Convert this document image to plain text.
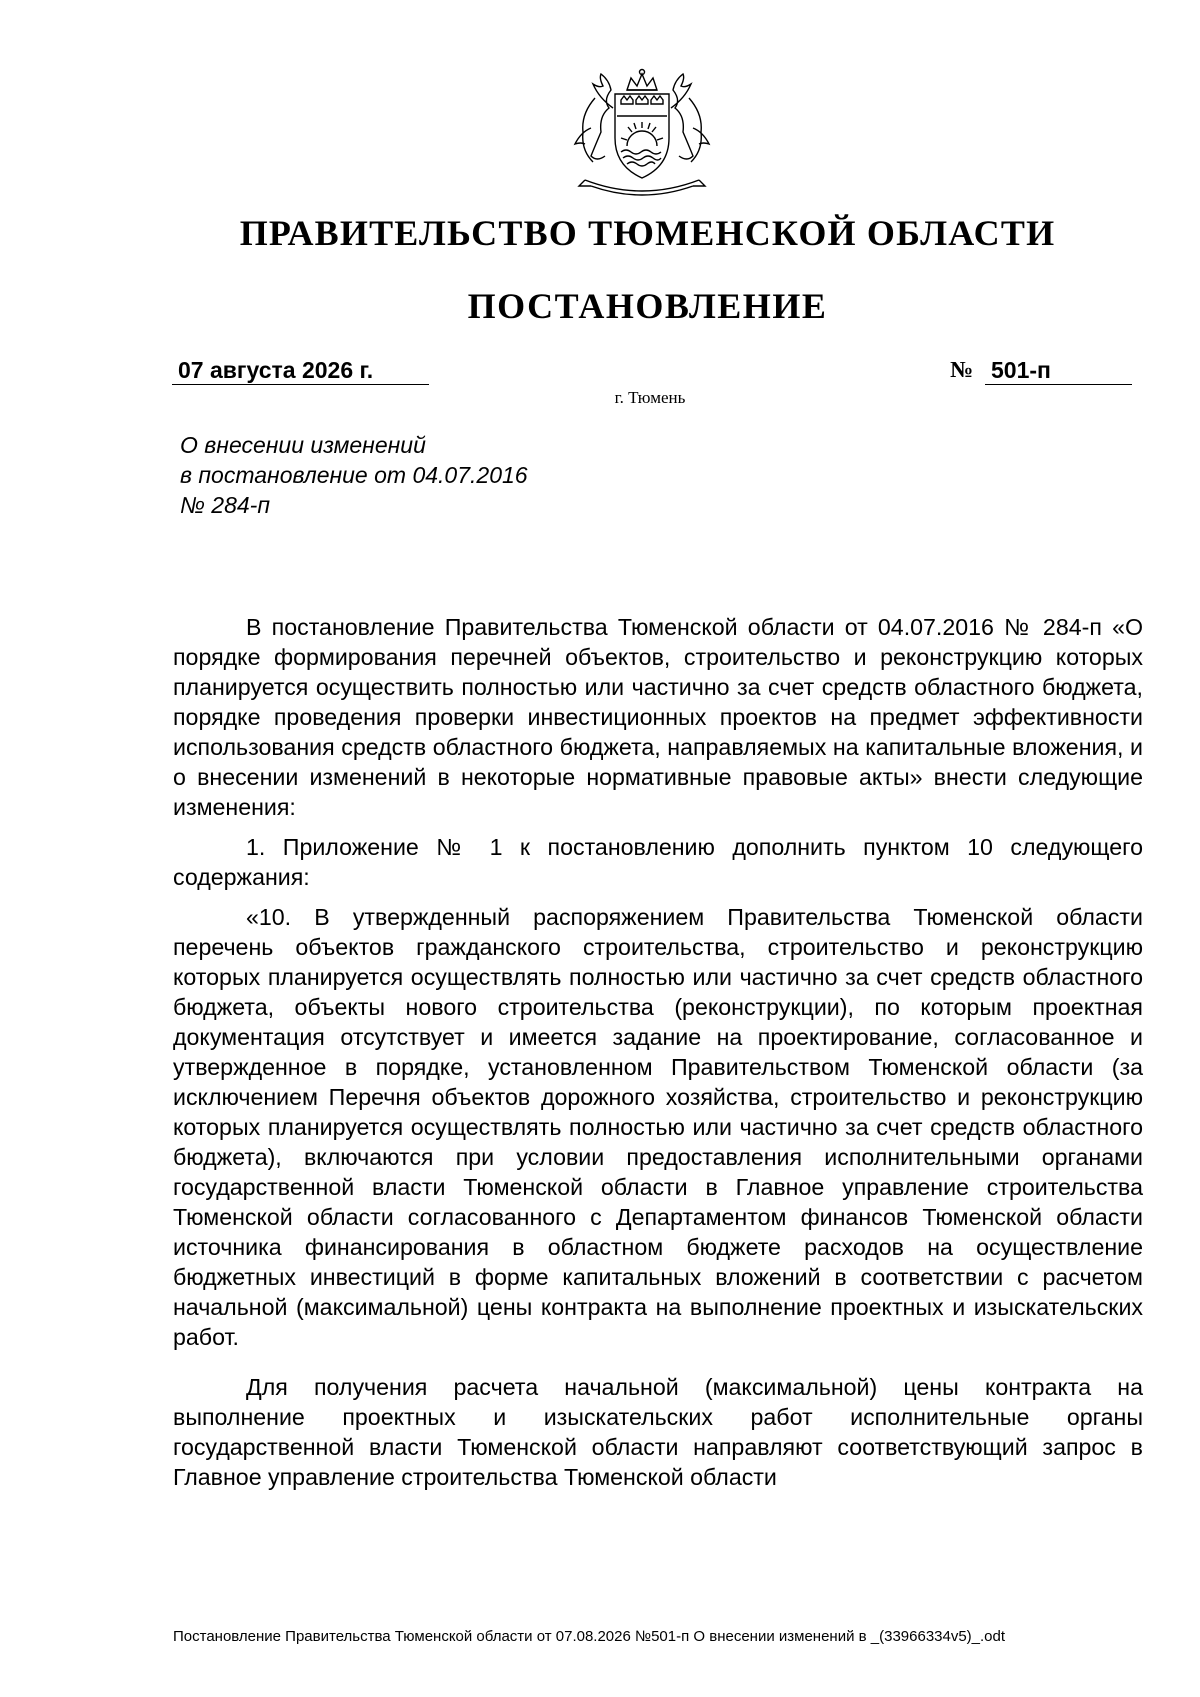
ПРАВИТЕЛЬСТВО ТЮМЕНСКОЙ ОБЛАСТИ
ПОСТАНОВЛЕНИЕ
07 августа 2026 г.	№ 501-п
г. Тюмень
О внесении изменений
в постановление от 04.07.2016
№ 284-п

В постановление Правительства Тюменской области от 04.07.2016 № 284-п «О порядке формирования перечней объектов, строительство и реконструкцию которых планируется осуществить полностью или частично за счет средств областного бюджета, порядке проведения проверки инвестиционных проектов на предмет эффективности использования средств областного бюджета, направляемых на капитальные вложения, и о внесении изменений в некоторые нормативные правовые акты» внести следующие изменения:

1. Приложение № 1 к постановлению дополнить пунктом 10 следующего содержания:

«10. В утвержденный распоряжением Правительства Тюменской области перечень объектов гражданского строительства, строительство и реконструкцию которых планируется осуществлять полностью или частично за счет средств областного бюджета, объекты нового строительства (реконструкции), по которым проектная документация отсутствует и имеется задание на проектирование, согласованное и утвержденное в порядке, установленном Правительством Тюменской области (за исключением Перечня объектов дорожного хозяйства, строительство и реконструкцию которых планируется осуществлять полностью или частично за счет средств областного бюджета), включаются при условии предоставления исполнительными органами государственной власти Тюменской области в Главное управление строительства Тюменской области согласованного с Департаментом финансов Тюменской области источника финансирования в областном бюджете расходов на осуществление бюджетных инвестиций в форме капитальных вложений в соответствии с расчетом начальной (максимальной) цены контракта на выполнение проектных и изыскательских работ.

Для получения расчета начальной (максимальной) цены контракта на выполнение проектных и изыскательских работ исполнительные органы государственной власти Тюменской области направляют соответствующий запрос в Главное управление строительства Тюменской области

Постановление Правительства Тюменской области от 07.08.2026 №501-п О внесении изменений в _(33966334v5)_.odt
